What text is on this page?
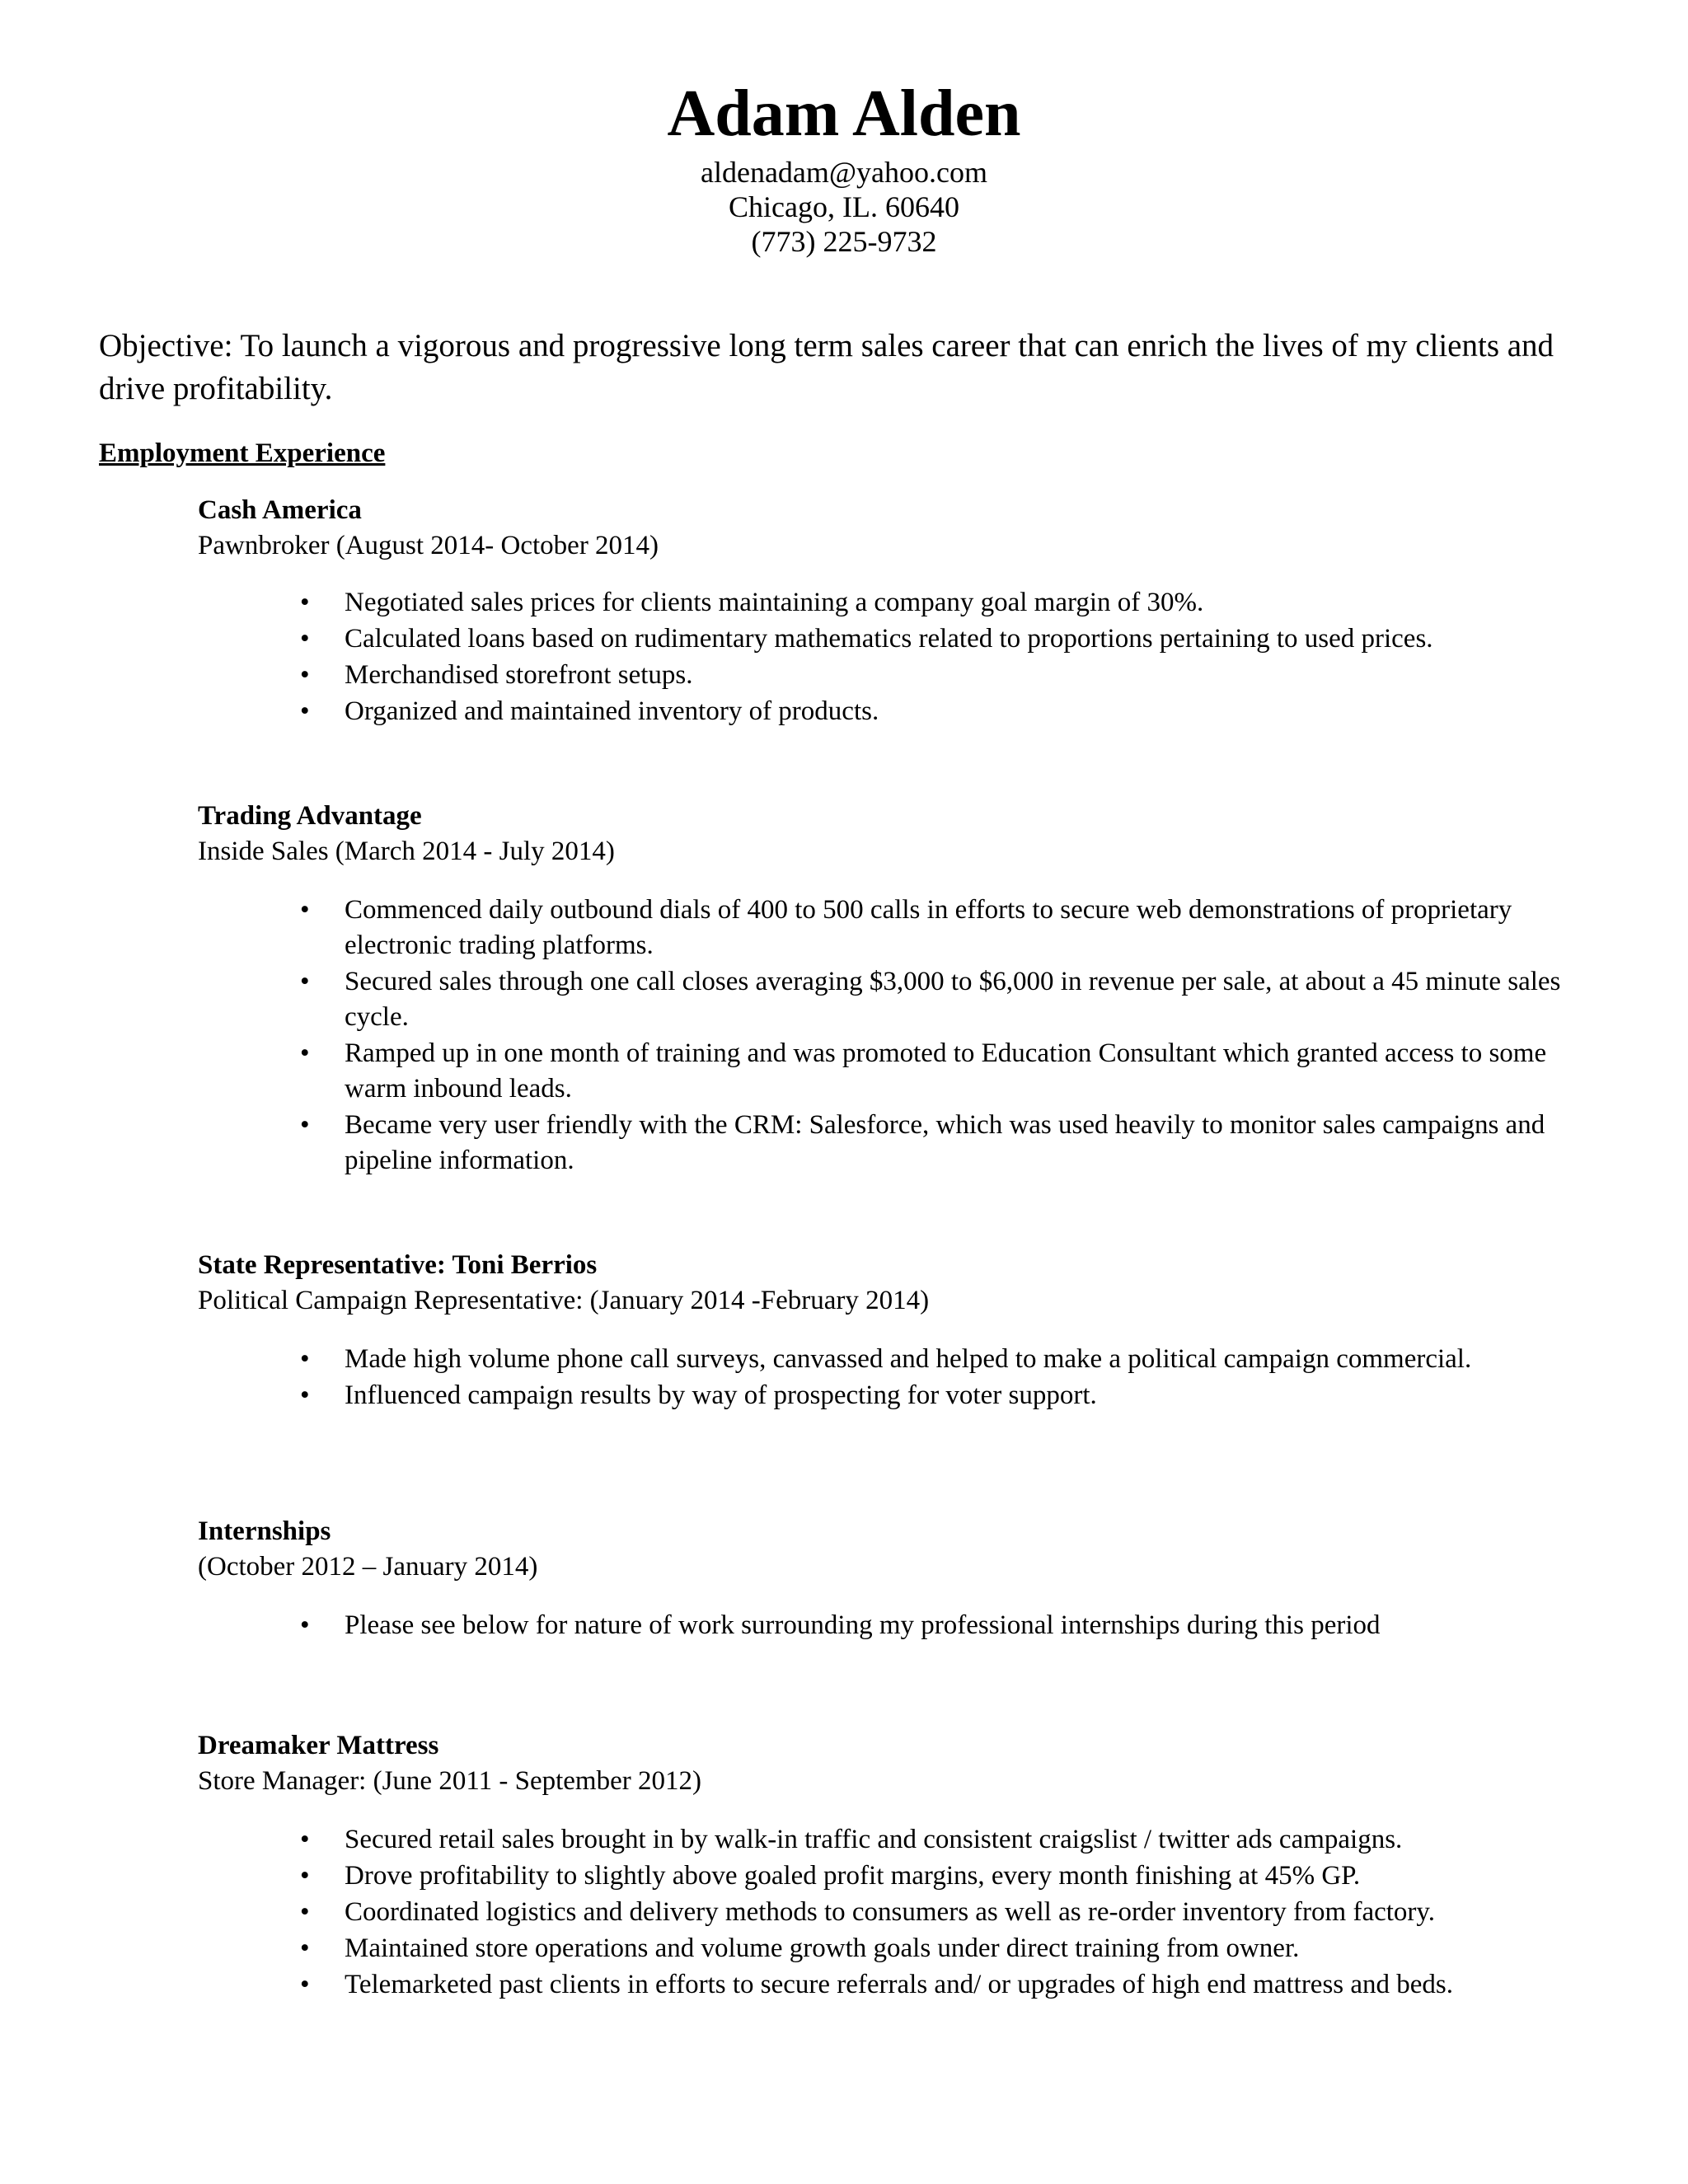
Adam Alden
aldenadam@yahoo.com
Chicago, IL. 60640
(773) 225-9732
Objective: To launch a vigorous and progressive long term sales career that can enrich the lives of my clients and drive profitability.
Employment Experience
Cash America
Pawnbroker (August 2014- October 2014)
• Negotiated sales prices for clients maintaining a company goal margin of 30%.
• Calculated loans based on rudimentary mathematics related to proportions pertaining to used prices.
• Merchandised storefront setups.
• Organized and maintained inventory of products.
Trading Advantage
Inside Sales (March 2014 - July 2014)
• Commenced daily outbound dials of 400 to 500 calls in efforts to secure web demonstrations of proprietary electronic trading platforms.
• Secured sales through one call closes averaging $3,000 to $6,000 in revenue per sale, at about a 45 minute sales cycle.
• Ramped up in one month of training and was promoted to Education Consultant which granted access to some warm inbound leads.
• Became very user friendly with the CRM: Salesforce, which was used heavily to monitor sales campaigns and pipeline information.
State Representative: Toni Berrios
Political Campaign Representative: (January 2014 -February 2014)
• Made high volume phone call surveys, canvassed and helped to make a political campaign commercial.
• Influenced campaign results by way of prospecting for voter support.
Internships
(October 2012 – January 2014)
• Please see below for nature of work surrounding my professional internships during this period
Dreamaker Mattress
Store Manager: (June 2011 - September 2012)
• Secured retail sales brought in by walk-in traffic and consistent craigslist / twitter ads campaigns.
• Drove profitability to slightly above goaled profit margins, every month finishing at 45% GP.
• Coordinated logistics and delivery methods to consumers as well as re-order inventory from factory.
• Maintained store operations and volume growth goals under direct training from owner.
• Telemarketed past clients in efforts to secure referrals and/ or upgrades of high end mattress and beds.
